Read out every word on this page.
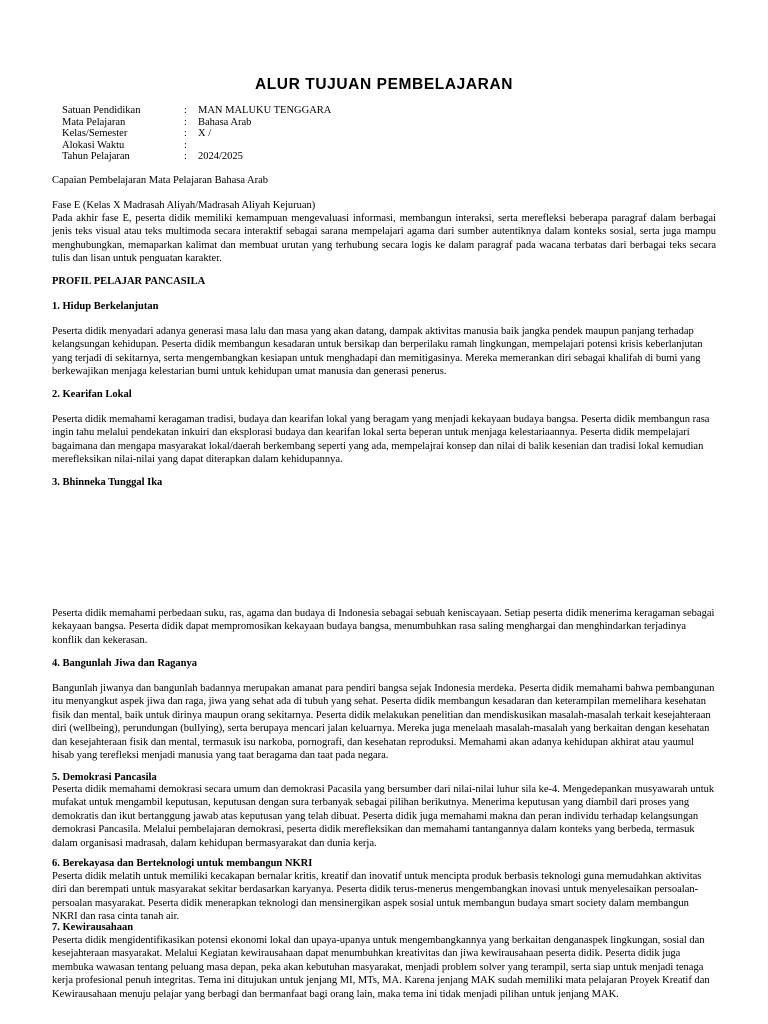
ALUR TUJUAN PEMBELAJARAN
Satuan Pendidikan	:	MAN MALUKU TENGGARA
Mata Pelajaran	:	Bahasa Arab
Kelas/Semester	:	X /
Alokasi Waktu	:
Tahun Pelajaran	:	2024/2025
Capaian Pembelajaran Mata Pelajaran Bahasa Arab
Fase E (Kelas X Madrasah Aliyah/Madrasah Aliyah Kejuruan)
Pada akhir fase E, peserta didik memiliki kemampuan mengevaluasi informasi, membangun interaksi, serta merefleksi beberapa paragraf dalam berbagai jenis teks visual atau teks multimoda secara interaktif sebagai sarana mempelajari agama dari sumber autentiknya dalam konteks sosial, serta juga mampu menghubungkan, memaparkan kalimat dan membuat urutan yang terhubung secara logis ke dalam paragraf pada wacana terbatas dari berbagai teks secara tulis dan lisan untuk penguatan karakter.
PROFIL PELAJAR PANCASILA
1. Hidup Berkelanjutan
Peserta didik menyadari adanya generasi masa lalu dan masa yang akan datang, dampak aktivitas manusia baik jangka pendek maupun panjang terhadap kelangsungan kehidupan. Peserta didik membangun kesadaran untuk bersikap dan berperilaku ramah lingkungan, mempelajari potensi krisis keberlanjutan yang terjadi di sekitarnya, serta mengembangkan kesiapan untuk menghadapi dan memitigasinya. Mereka memerankan diri sebagai khalifah di bumi yang berkewajikan menjaga kelestarian bumi untuk kehidupan umat manusia dan generasi penerus.
2. Kearifan Lokal
Peserta didik memahami keragaman tradisi, budaya dan kearifan lokal yang beragam yang menjadi kekayaan budaya bangsa. Peserta didik membangun rasa ingin tahu melalui pendekatan inkuiri dan eksplorasi budaya dan kearifan lokal serta beperan untuk menjaga kelestariaannya. Peserta didik mempelajari bagaimana dan mengapa masyarakat lokal/daerah berkembang seperti yang ada, mempelajrai konsep dan nilai di balik kesenian dan tradisi lokal kemudian merefleksikan nilai-nilai yang dapat diterapkan dalam kehidupannya.
3. Bhinneka Tunggal Ika
Peserta didik memahami perbedaan suku, ras, agama dan budaya di Indonesia sebagai sebuah keniscayaan. Setiap peserta didik menerima keragaman sebagai kekayaan bangsa. Peserta didik dapat mempromosikan kekayaan budaya bangsa, menumbuhkan rasa saling menghargai dan menghindarkan terjadinya konflik dan kekerasan.
4. Bangunlah Jiwa dan Raganya
Bangunlah jiwanya dan bangunlah badannya merupakan amanat para pendiri bangsa sejak Indonesia merdeka. Peserta didik memahami bahwa pembangunan itu menyangkut aspek jiwa dan raga, jiwa yang sehat ada di tubuh yang sehat. Peserta didik membangun kesadaran dan keterampilan memelihara kesehatan fisik dan mental, baik untuk dirinya maupun orang sekitarnya. Peserta didik melakukan penelitian dan mendiskusikan masalah-masalah terkait kesejahteraan diri (wellbeing), perundungan (bullying), serta berupaya mencari jalan keluarnya. Mereka juga menelaah masalah-masalah yang berkaitan dengan kesehatan dan kesejahteraan fisik dan mental, termasuk isu narkoba, pornografi, dan kesehatan reproduksi. Memahami akan adanya kehidupan akhirat atau yaumul hisab yang terefleksi menjadi manusia yang taat beragama dan taat pada negara.
5. Demokrasi Pancasila
Peserta didik memahami demokrasi secara umum dan demokrasi Pacasila yang bersumber dari nilai-nilai luhur sila ke-4. Mengedepankan musyawarah untuk mufakat untuk mengambil keputusan, keputusan dengan sura terbanyak sebagai pilihan berikutnya. Menerima keputusan yang diambil dari proses yang demokratis dan ikut bertanggung jawab atas keputusan yang telah dibuat. Peserta didik juga memahami makna dan peran individu terhadap kelangsungan demokrasi Pancasila. Melalui pembelajaran demokrasi, peserta didik merefleksikan dan memahami tantangannya dalam konteks yang berbeda, termasuk dalam organisasi madrasah, dalam kehidupan bermasyarakat dan dunia kerja.
6. Berekayasa dan Berteknologi untuk membangun NKRI
Peserta didik melatih untuk memiliki kecakapan bernalar kritis, kreatif dan inovatif untuk mencipta produk berbasis teknologi guna memudahkan aktivitas diri dan berempati untuk masyarakat sekitar berdasarkan karyanya. Peserta didik terus-menerus mengembangkan inovasi untuk menyelesaikan persoalan-persoalan masyarakat. Peserta didik menerapkan teknologi dan mensinergikan aspek sosial untuk membangun budaya smart society dalam membangun NKRI dan rasa cinta tanah air.
7. Kewirausahaan
Peserta didik mengidentifikasikan potensi ekonomi lokal dan upaya-upanya untuk mengembangkannya yang berkaitan denganaspek lingkungan, sosial dan kesejahteraan masyarakat. Melalui Kegiatan kewirausahaan dapat menumbuhkan kreativitas dan jiwa kewirausahaan peserta didik. Peserta didik juga membuka wawasan tentang peluang masa depan, peka akan kebutuhan masyarakat, menjadi problem solver yang terampil, serta siap untuk menjadi tenaga kerja profesional penuh integritas. Tema ini ditujukan untuk jenjang MI, MTs, MA. Karena jenjang MAK sudah memiliki mata pelajaran Proyek Kreatif dan Kewirausahaan menuju pelajar yang berbagi dan bermanfaat bagi orang lain, maka tema ini tidak menjadi pilihan untuk jenjang MAK.
